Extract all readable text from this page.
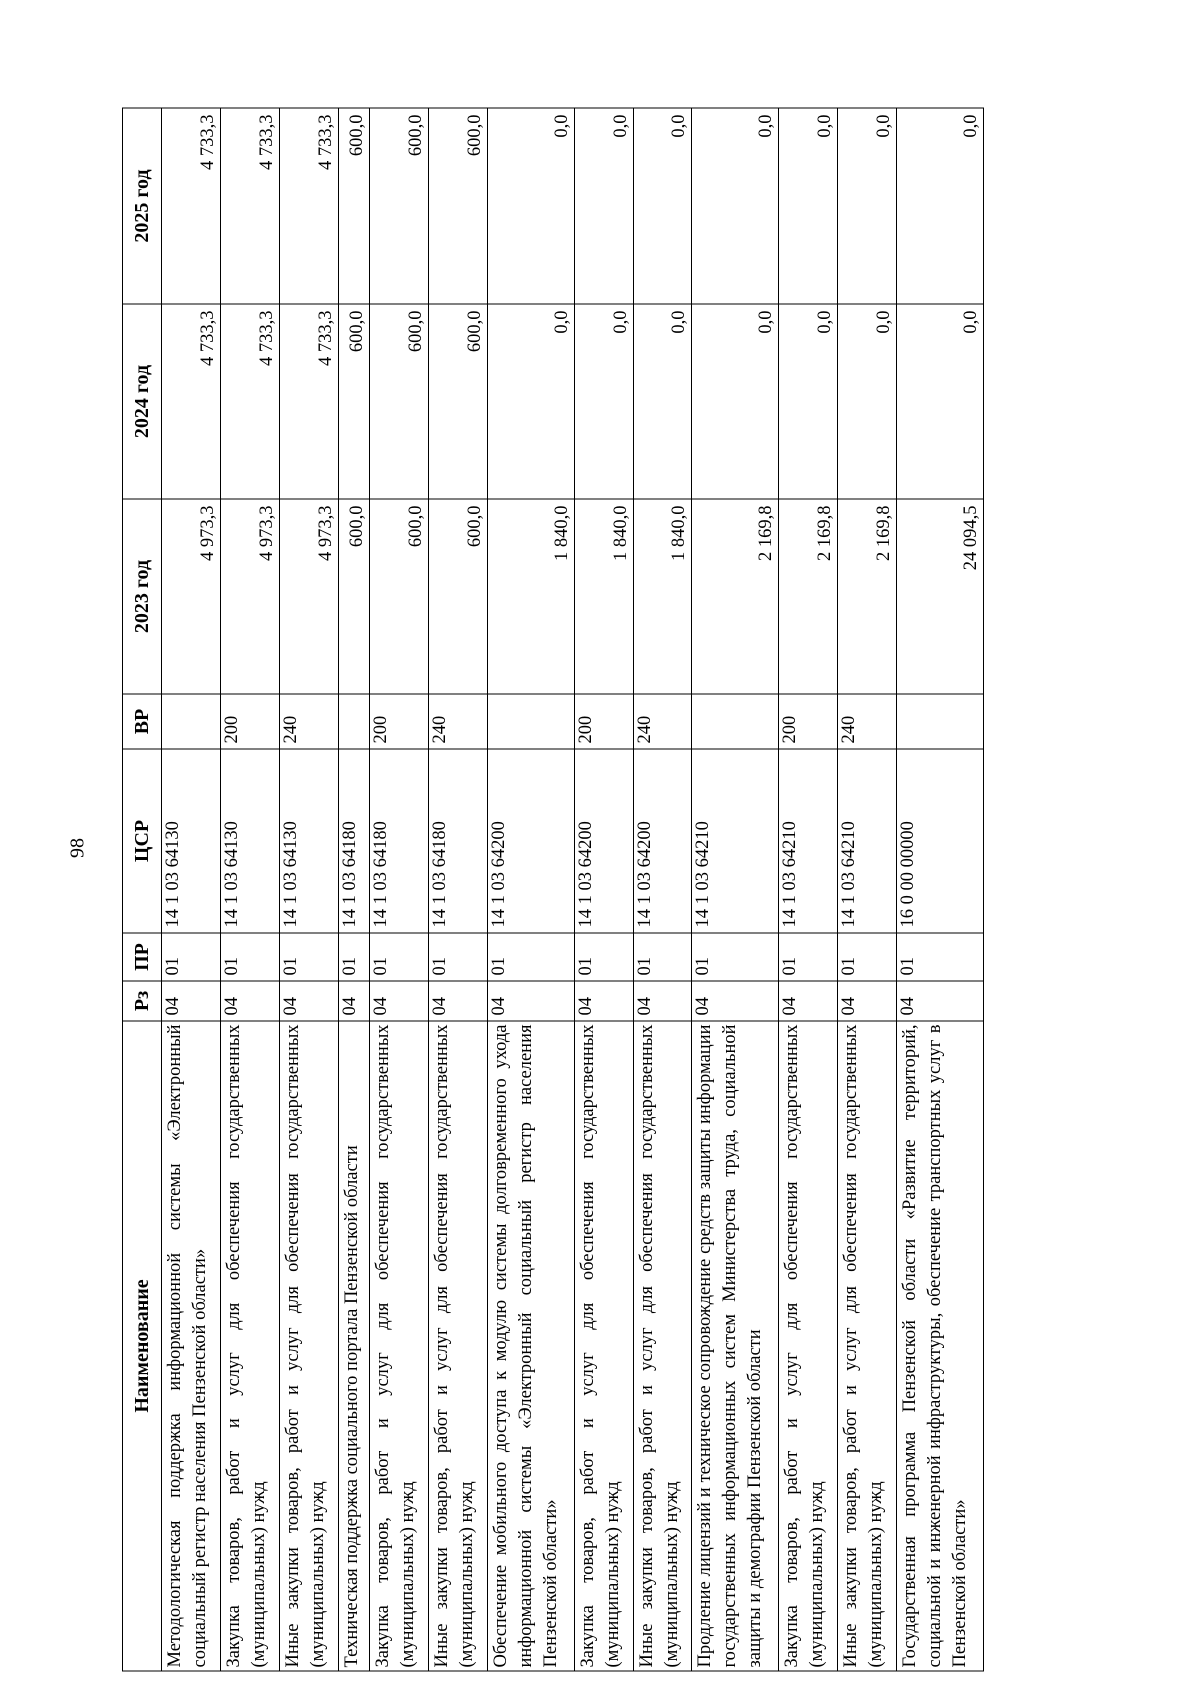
98
Наименование	Рз	ПР	ЦСР	ВР	2023 год	2024 год	2025 год
Методологическая поддержка информационной системы «Электронный социальный регистр населения Пензенской области»	04	01	14 1 03 64130		4 973,3	4 733,3	4 733,3
Закупка товаров, работ и услуг для обеспечения государственных (муниципальных) нужд	04	01	14 1 03 64130	200	4 973,3	4 733,3	4 733,3
Иные закупки товаров, работ и услуг для обеспечения государственных (муниципальных) нужд	04	01	14 1 03 64130	240	4 973,3	4 733,3	4 733,3
Техническая поддержка социального портала Пензенской области	04	01	14 1 03 64180		600,0	600,0	600,0
Закупка товаров, работ и услуг для обеспечения государственных (муниципальных) нужд	04	01	14 1 03 64180	200	600,0	600,0	600,0
Иные закупки товаров, работ и услуг для обеспечения государственных (муниципальных) нужд	04	01	14 1 03 64180	240	600,0	600,0	600,0
Обеспечение мобильного доступа к модулю системы долговременного ухода информационной системы «Электронный социальный регистр населения Пензенской области»	04	01	14 1 03 64200		1 840,0	0,0	0,0
Закупка товаров, работ и услуг для обеспечения государственных (муниципальных) нужд	04	01	14 1 03 64200	200	1 840,0	0,0	0,0
Иные закупки товаров, работ и услуг для обеспечения государственных (муниципальных) нужд	04	01	14 1 03 64200	240	1 840,0	0,0	0,0
Продление лицензий и техническое сопровождение средств защиты информации государственных информационных систем Министерства труда, социальной защиты и демографии Пензенской области	04	01	14 1 03 64210		2 169,8	0,0	0,0
Закупка товаров, работ и услуг для обеспечения государственных (муниципальных) нужд	04	01	14 1 03 64210	200	2 169,8	0,0	0,0
Иные закупки товаров, работ и услуг для обеспечения государственных (муниципальных) нужд	04	01	14 1 03 64210	240	2 169,8	0,0	0,0
Государственная программа Пензенской области «Развитие территорий, социальной и инженерной инфраструктуры, обеспечение транспортных услуг в Пензенской области»	04	01	16 0 00 00000		24 094,5	0,0	0,0
